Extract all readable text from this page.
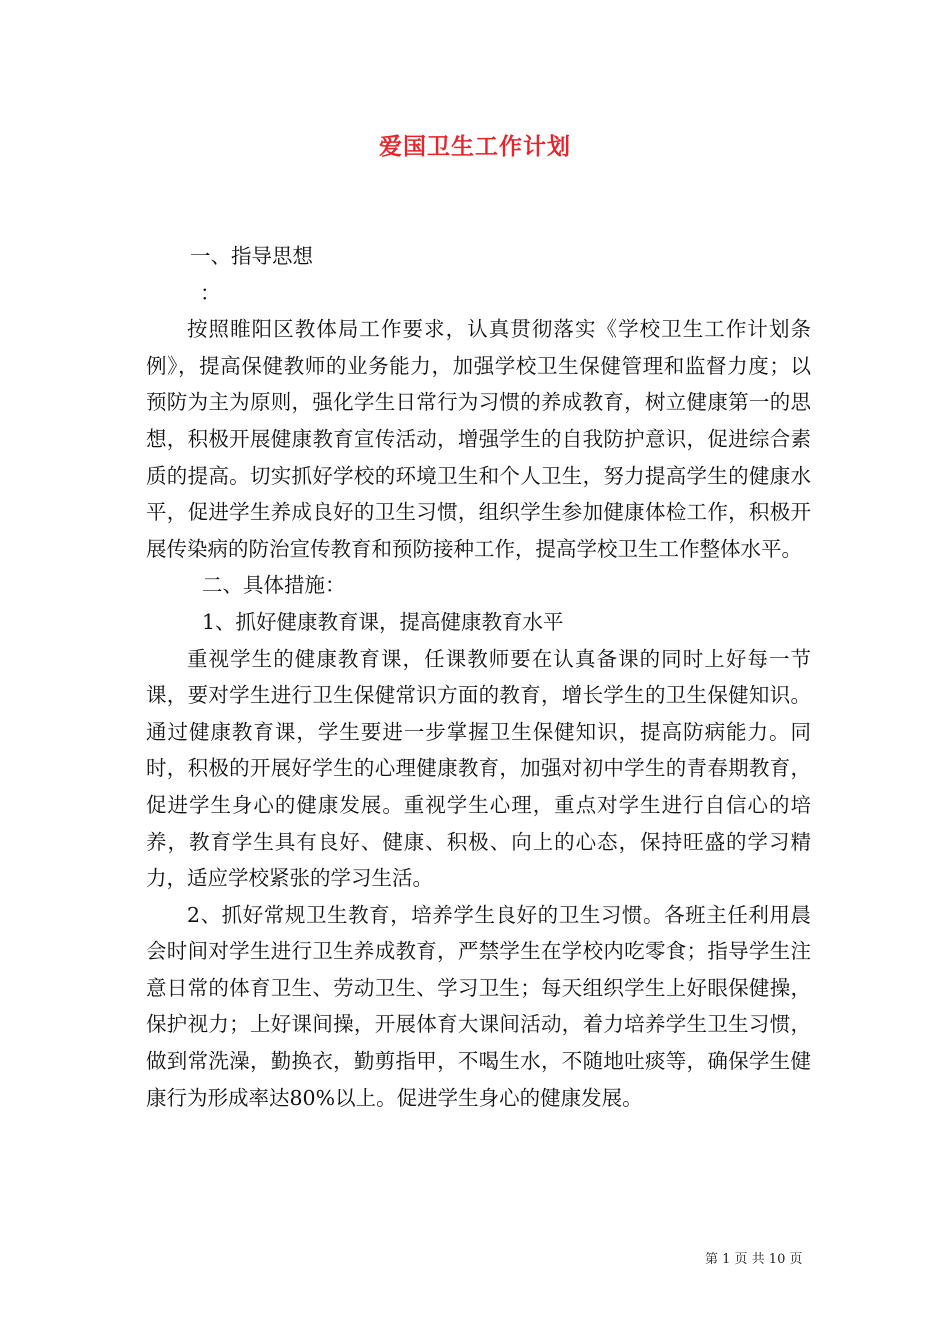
爱国卫生工作计划

一、指导思想

：

按照睢阳区教体局工作要求，认真贯彻落实《学校卫生工作计划条例》，提高保健教师的业务能力，加强学校卫生保健管理和监督力度；以预防为主为原则，强化学生日常行为习惯的养成教育，树立健康第一的思想，积极开展健康教育宣传活动，增强学生的自我防护意识，促进综合素质的提高。切实抓好学校的环境卫生和个人卫生，努力提高学生的健康水平，促进学生养成良好的卫生习惯，组织学生参加健康体检工作，积极开展传染病的防治宣传教育和预防接种工作，提高学校卫生工作整体水平。

二、具体措施：

1、抓好健康教育课，提高健康教育水平

重视学生的健康教育课，任课教师要在认真备课的同时上好每一节课，要对学生进行卫生保健常识方面的教育，增长学生的卫生保健知识。通过健康教育课，学生要进一步掌握卫生保健知识，提高防病能力。同时，积极的开展好学生的心理健康教育，加强对初中学生的青春期教育，促进学生身心的健康发展。重视学生心理，重点对学生进行自信心的培养，教育学生具有良好、健康、积极、向上的心态，保持旺盛的学习精力，适应学校紧张的学习生活。

2、抓好常规卫生教育，培养学生良好的卫生习惯。各班主任利用晨会时间对学生进行卫生养成教育，严禁学生在学校内吃零食；指导学生注意日常的体育卫生、劳动卫生、学习卫生；每天组织学生上好眼保健操，保护视力；上好课间操，开展体育大课间活动，着力培养学生卫生习惯，做到常洗澡，勤换衣，勤剪指甲，不喝生水，不随地吐痰等，确保学生健康行为形成率达80%以上。促进学生身心的健康发展。

第 1 页 共 10 页
